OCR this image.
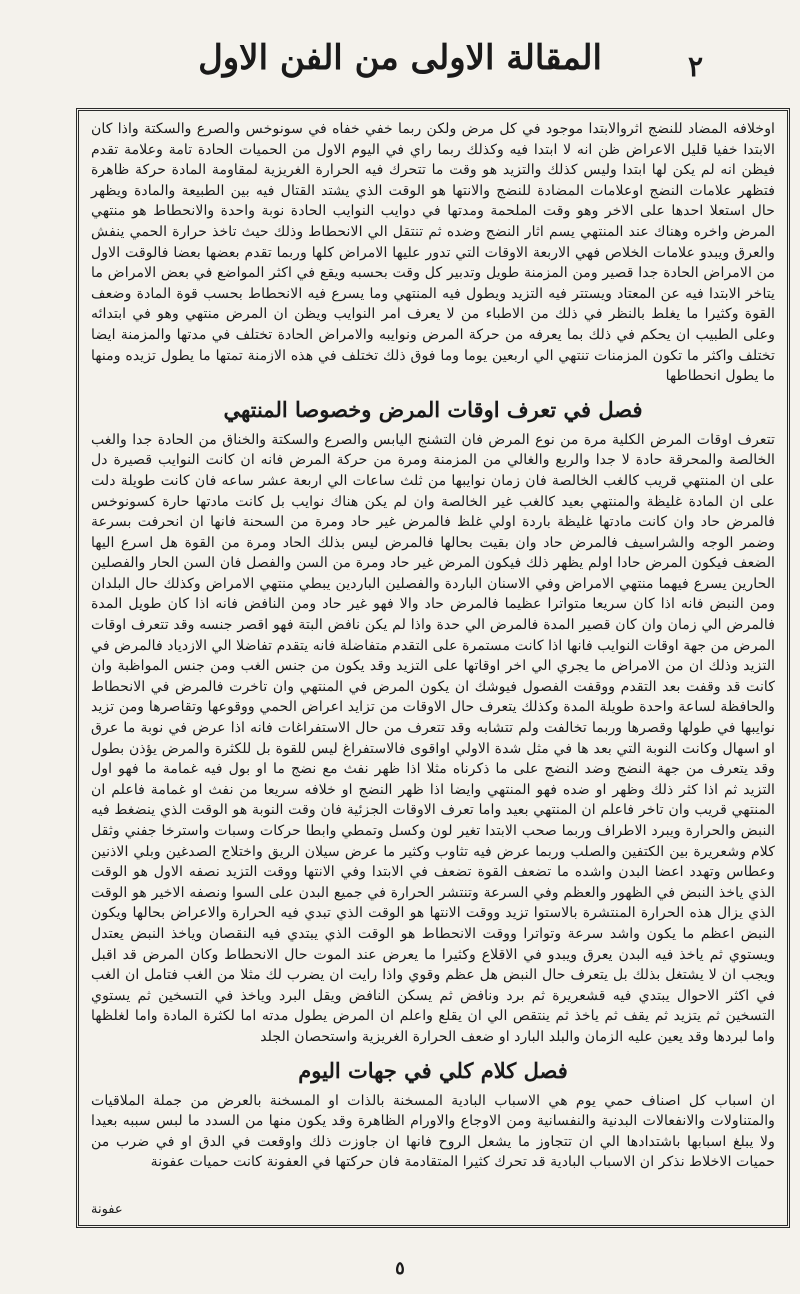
المقالة الاولى من الفن الاول	٢

اوخلافه المضاد للنضج اثروالابتدا موجود في كل مرض ولكن ربما خفي خفاه في سونوخس والصرع والسكتة واذا كان الابتدا خفيا قليل الاعراض ظن انه لا ابتدا فيه وكذلك ربما راي في اليوم الاول من الحميات الحادة تامة وعلامة تقدم فيظن انه لم يكن لها ابتدا وليس كذلك والتزيد هو وقت ما تتحرك فيه الحرارة الغريزية لمقاومة المادة حركة ظاهرة فتظهر علامات النضج اوعلامات المضادة للنضج والانتها هو الوقت الذي يشتد القتال فيه بين الطبيعة والمادة ويظهر حال استعلا احدها على الاخر وهو وقت الملحمة ومدتها في دوايب النوايب الحادة نوبة واحدة والانحطاط هو منتهي المرض واخره وهناك عند المنتهي يسم اثار النضج وضده ثم تنتقل الي الانحطاط وذلك حيث تاخذ حرارة الحمي ينفش والعرق ويبدو علامات الخلاص فهي الاربعة الاوقات التي تدور عليها الامراض كلها وربما تقدم بعضها بعضا فالوقت الاول من الامراض الحادة جدا قصير ومن المزمنة طويل وتدبير كل وقت بحسبه ويقع في اكثر المواضع في بعض الامراض ما يتاخر الابتدا فيه عن المعتاد ويستتر فيه التزيد ويطول فيه المنتهي وما يسرع فيه الانحطاط بحسب قوة المادة وضعف القوة وكثيرا ما يغلط بالنظر في ذلك من الاطباء من لا يعرف امر النوايب ويظن ان المرض منتهي وهو في ابتدائه وعلى الطبيب ان يحكم في ذلك بما يعرفه من حركة المرض ونوايبه والامراض الحادة تختلف في مدتها والمزمنة ايضا تختلف واكثر ما تكون المزمنات تنتهي الي اربعين يوما وما فوق ذلك تختلف في هذه الازمنة تمتها ما يطول تزيده ومنها ما يطول انحطاطها

فصل في تعرف اوقات المرض وخصوصا المنتهي

تتعرف اوقات المرض الكلية مرة من نوع المرض فان التشنج اليابس والصرع والسكتة والخناق من الحادة جدا والغب الخالصة والمحرقة حادة لا جدا والربع والغالي من المزمنة ومرة من حركة المرض فانه ان كانت النوايب قصيرة دل على ان المنتهي قريب كالغب الخالصة فان زمان نوايبها من ثلث ساعات الي اربعة عشر ساعه فان كانت طويلة دلت على ان المادة غليظة والمنتهي بعيد كالغب غير الخالصة وان لم يكن هناك نوايب بل كانت مادتها حارة كسونوخس فالمرض حاد وان كانت مادتها غليظة باردة اولي غلظ فالمرض غير حاد ومرة من السحنة فانها ان انحرفت بسرعة وضمر الوجه والشراسيف فالمرض حاد وان بقيت بحالها فالمرض ليس بذلك الحاد ومرة من القوة هل اسرع اليها الضعف فيكون المرض حادا اولم يظهر ذلك فيكون المرض غير حاد ومرة من السن والفصل فان السن الحار والفصلين الحارين يسرع فيهما منتهي الامراض وفي الاسنان الباردة والفصلين الباردين يبطي منتهي الامراض وكذلك حال البلدان ومن النبض فانه اذا كان سريعا متواترا عظيما فالمرض حاد والا فهو غير حاد ومن النافض فانه اذا كان طويل المدة فالمرض الي زمان وان كان قصير المدة فالمرض الي حدة واذا لم يكن نافض البتة فهو اقصر جنسه وقد تتعرف اوقات المرض من جهة اوقات النوايب فانها اذا كانت مستمرة على التقدم متفاضلة فانه يتقدم تفاضلا الي الازدياد فالمرض في التزيد وذلك ان من الامراض ما يجري الي اخر اوقاتها على التزيد وقد يكون من جنس الغب ومن جنس المواظبة وان كانت قد وقفت بعد التقدم ووقفت الفصول فيوشك ان يكون المرض في المنتهي وان تاخرت فالمرض في الانحطاط والحافظة لساعة واحدة طويلة المدة وكذلك يتعرف حال الاوقات من تزايد اعراض الحمي ووقوعها وتقاصرها ومن تزيد نوايبها في طولها وقصرها وربما تخالفت ولم تتشابه وقد تتعرف من حال الاستفراغات فانه اذا عرض في نوبة ما عرق او اسهال وكانت النوبة التي بعد ها في مثل شدة الاولي اواقوى فالاستفراغ ليس للقوة بل للكثرة والمرض يؤذن بطول وقد يتعرف من جهة النضج وضد النضج على ما ذكرناه مثلا اذا ظهر نفث مع نضج ما او بول فيه غمامة ما فهو اول التزيد ثم اذا كثر ذلك وظهر او ضده فهو المنتهي وايضا اذا ظهر النضج او خلافه سريعا من نفث او غمامة فاعلم ان المنتهي قريب وان تاخر فاعلم ان المنتهي بعيد واما تعرف الاوقات الجزئية فان وقت النوبة هو الوقت الذي ينضغط فيه النبض والحرارة ويبرد الاطراف وربما صحب الابتدا تغير لون وكسل وتمطي وابطا حركات وسبات واسترخا جفني وثقل كلام وشعريرة بين الكتفين والصلب وربما عرض فيه تثاوب وكثير ما عرض سيلان الريق واختلاج الصدغين وبلي الاذنين وعطاس وتهدد اعضا البدن واشده ما تضعف القوة تضعف في الابتدا وفي الانتها ووقت التزيد نصفه الاول هو الوقت الذي ياخذ النبض في الظهور والعظم وفي السرعة وتنتشر الحرارة في جميع البدن على السوا ونصفه الاخير هو الوقت الذي يزال هذه الحرارة المنتشرة بالاستوا تزيد ووقت الانتها هو الوقت الذي تبدي فيه الحرارة والاعراض بحالها ويكون النبض اعظم ما يكون واشد سرعة وتواترا ووقت الانحطاط هو الوقت الذي يبتدي فيه النقصان وياخذ النبض يعتدل ويستوي ثم ياخذ فيه البدن يعرق ويبدو في الاقلاع وكثيرا ما يعرض عند الموت حال الانحطاط وكان المرض قد اقبل ويجب ان لا يشتغل بذلك بل يتعرف حال النبض هل عظم وقوي واذا رايت ان يضرب لك مثلا من الغب فتامل ان الغب في اكثر الاحوال يبتدي فيه قشعريرة ثم برد ونافض ثم يسكن النافض ويقل البرد وياخذ في التسخين ثم يستوي التسخين ثم يتزيد ثم يقف ثم ياخذ ثم ينتقص الي ان يقلع واعلم ان المرض يطول مدته اما لكثرة المادة واما لغلظها واما لبردها وقد يعين عليه الزمان والبلد البارد او ضعف الحرارة الغريزية واستحصان الجلد

فصل كلام كلي في جهات اليوم

ان اسباب كل اصناف حمي يوم هي الاسباب البادية المسخنة بالذات او المسخنة بالعرض من جملة الملاقيات والمتناولات والانفعالات البدنية والنفسانية ومن الاوجاع والاورام الظاهرة وقد يكون منها من السدد ما لبس سببه بعيدا ولا يبلغ اسبابها باشتدادها الي ان تتجاوز ما يشعل الروح فانها ان جاوزت ذلك واوقعت في الدق او في ضرب من حميات الاخلاط نذكر ان الاسباب البادية قد تحرك كثيرا المتقادمة فان حركتها في العفونة كانت حميات عفونة

عفونة
٥
